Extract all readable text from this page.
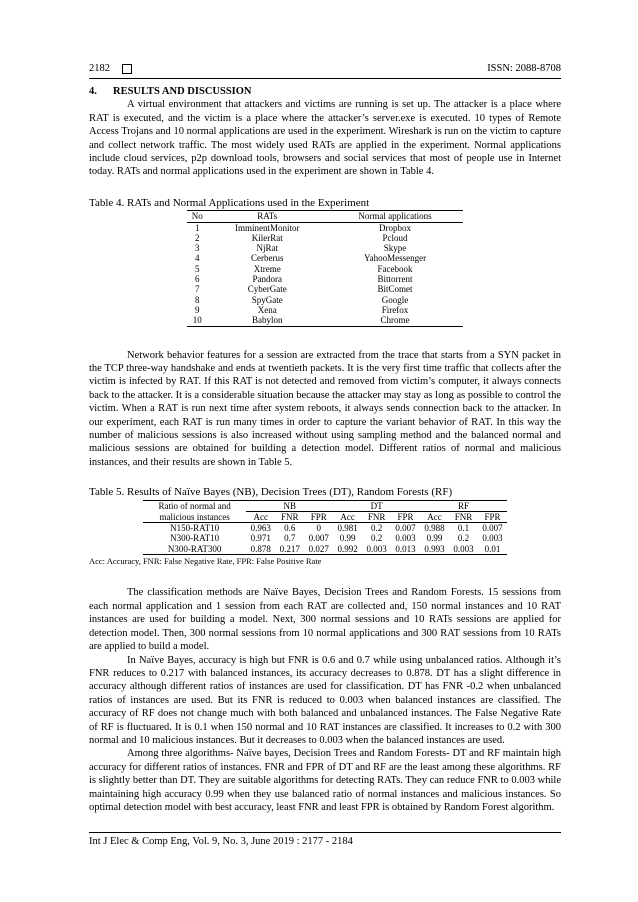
2182	ISSN: 2088-8708

4. RESULTS AND DISCUSSION

A virtual environment that attackers and victims are running is set up. The attacker is a place where RAT is executed, and the victim is a place where the attacker’s server.exe is executed. 10 types of Remote Access Trojans and 10 normal applications are used in the experiment. Wireshark is run on the victim to capture and collect network traffic. The most widely used RATs are applied in the experiment. Normal applications include cloud services, p2p download tools, browsers and social services that most of people use in Internet today. RATs and normal applications used in the experiment are shown in Table 4.

Table 4. RATs and Normal Applications used in the Experiment

No	RATs	Normal applications
1	ImminentMonitor	Dropbox
2	KilerRat	Pcloud
3	NjRat	Skype
4	Cerberus	YahooMessenger
5	Xtreme	Facebook
6	Pandora	Bittorrent
7	CyberGate	BitComet
8	SpyGate	Google
9	Xena	Firefox
10	Babylon	Chrome

Network behavior features for a session are extracted from the trace that starts from a SYN packet in the TCP three-way handshake and ends at twentieth packets. It is the very first time traffic that collects after the victim is infected by RAT. If this RAT is not detected and removed from victim’s computer, it always connects back to the attacker. It is a considerable situation because the attacker may stay as long as possible to control the victim. When a RAT is run next time after system reboots, it always sends connection back to the attacker. In our experiment, each RAT is run many times in order to capture the variant behavior of RAT. In this way the number of malicious sessions is also increased without using sampling method and the balanced normal and malicious sessions are obtained for building a detection model. Different ratios of normal and malicious instances, and their results are shown in Table 5.

Table 5. Results of Naïve Bayes (NB), Decision Trees (DT), Random Forests (RF)

Ratio of normal and	NB			DT			RF		
malicious instances	Acc	FNR	FPR	Acc	FNR	FPR	Acc	FNR	FPR
N150-RAT10	0.963	0.6	0	0.981	0.2	0.007	0.988	0.1	0.007
N300-RAT10	0.971	0.7	0.007	0.99	0.2	0.003	0.99	0.2	0.003
N300-RAT300	0.878	0.217	0.027	0.992	0.003	0.013	0.993	0.003	0.01

Acc: Accuracy, FNR: False Negative Rate, FPR: False Positive Rate

The classification methods are Naïve Bayes, Decision Trees and Random Forests. 15 sessions from each normal application and 1 session from each RAT are collected and, 150 normal instances and 10 RAT instances are used for building a model. Next, 300 normal sessions and 10 RATs sessions are applied for detection model. Then, 300 normal sessions from 10 normal applications and 300 RAT sessions from 10 RATs are applied to build a model.

In Naïve Bayes, accuracy is high but FNR is 0.6 and 0.7 while using unbalanced ratios. Although it’s FNR reduces to 0.217 with balanced instances, its accuracy decreases to 0.878. DT has a slight difference in accuracy although different ratios of instances are used for classification. DT has FNR -0.2 when unbalanced ratios of instances are used. But its FNR is reduced to 0.003 when balanced instances are classified. The accuracy of RF does not change much with both balanced and unbalanced instances. The False Negative Rate of RF is fluctuared. It is 0.1 when 150 normal and 10 RAT instances are classified. It increases to 0.2 with 300 normal and 10 malicious instances. But it decreases to 0.003 when the balanced instances are used.

Among three algorithms- Naïve bayes, Decision Trees and Random Forests- DT and RF maintain high accuracy for different ratios of instances. FNR and FPR of DT and RF are the least among these algorithms. RF is slightly better than DT. They are suitable algorithms for detecting RATs. They can reduce FNR to 0.003 while maintaining high accuracy 0.99 when they use balanced ratio of normal instances and malicious instances. So optimal detection model with best accuracy, least FNR and least FPR is obtained by Random Forest algorithm.

Int J Elec & Comp Eng, Vol. 9, No. 3, June 2019 : 2177 - 2184
